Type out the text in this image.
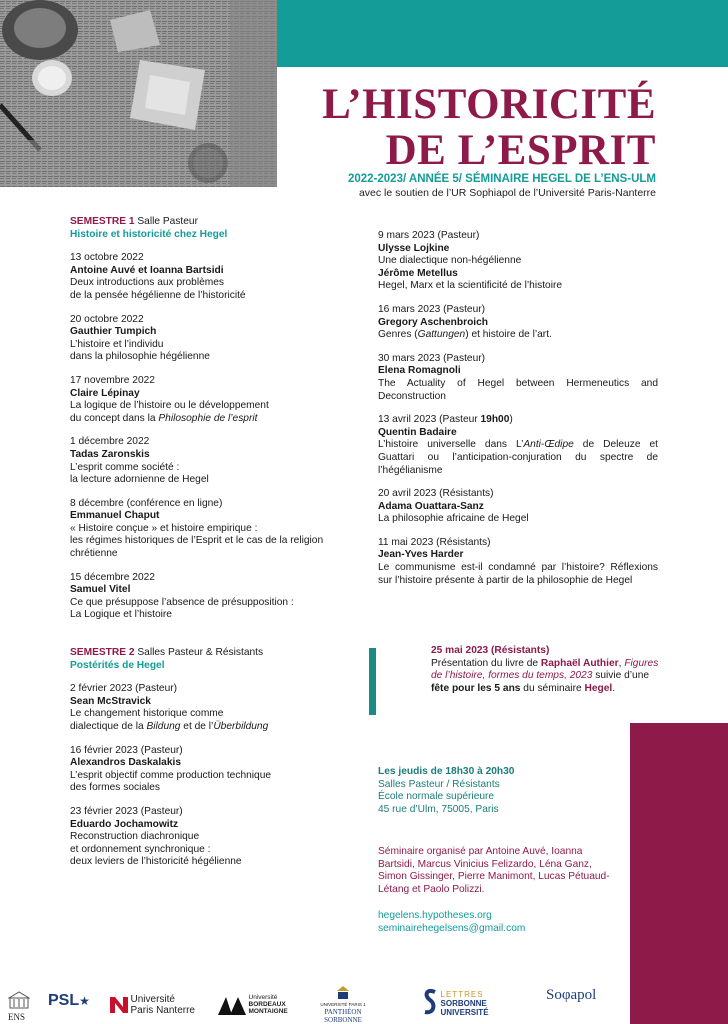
L’HISTORICITÉ
DE L’ESPRIT
2022-2023/ ANNÉE 5/ SÉMINAIRE HEGEL DE L’ENS-ULM
avec le soutien de l’UR Sophiapol de l’Université Paris-Nanterre
SEMESTRE 1 Salle Pasteur
Histoire et historicité chez Hegel
13 octobre 2022
Antoine Auvé et Ioanna Bartsidi
Deux introductions aux problèmes
de la pensée hégélienne de l’historicité
20 octobre 2022
Gauthier Tumpich
L’histoire et l’individu
dans la philosophie hégélienne
17 novembre 2022
Claire Lépinay
La logique de l’histoire ou le développement
du concept dans la Philosophie de l’esprit
1 décembre 2022
Tadas Zaronskis
L’esprit comme société :
la lecture adornienne de Hegel
8 décembre (conférence en ligne)
Emmanuel Chaput
« Histoire conçue » et histoire empirique :
les régimes historiques de l’Esprit et le cas de la religion
chrétienne
15 décembre 2022
Samuel Vitel
Ce que présuppose l’absence de présupposition :
La Logique et l’histoire
SEMESTRE 2 Salles Pasteur & Résistants
Postérités de Hegel
2 février 2023 (Pasteur)
Sean McStravick
Le changement historique comme
dialectique de la Bildung et de l’Überbildung
16 février 2023 (Pasteur)
Alexandros Daskalakis
L’esprit objectif comme production technique
des formes sociales
23 février 2023 (Pasteur)
Eduardo Jochamowitz
Reconstruction diachronique
et ordonnement synchronique :
deux leviers de l’historicité hégélienne
9 mars 2023 (Pasteur)
Ulysse Lojkine
Une dialectique non-hégélienne
Jérôme Metellus
Hegel, Marx et la scientificité de l’histoire
16 mars 2023 (Pasteur)
Gregory Aschenbroich
Genres (Gattungen) et histoire de l’art.
30 mars 2023 (Pasteur)
Elena Romagnoli
The Actuality of Hegel between Hermeneutics and Deconstruction
13 avril 2023 (Pasteur 19h00)
Quentin Badaire
L’histoire universelle dans L’Anti-Œdipe de Deleuze et Guattari ou l’anticipation-conjuration du spectre de l’hégélianisme
20 avril 2023 (Résistants)
Adama Ouattara-Sanz
La philosophie africaine de Hegel
11 mai 2023 (Résistants)
Jean-Yves Harder
Le communisme est-il condamné par l’histoire? Réflexions sur l’histoire présente à partir de la philosophie de Hegel
25 mai 2023 (Résistants)
Présentation du livre de Raphaël Authier, Figures de l’histoire, formes du temps, 2023 suivie d’une fête pour les 5 ans du séminaire Hegel.
Les jeudis de 18h30 à 20h30
Salles Pasteur / Résistants
École normale supérieure
45 rue d’Ulm, 75005, Paris
Séminaire organisé par Antoine Auvé, Ioanna Bartsidi, Marcus Vinicius Felizardo, Léna Ganz, Simon Gissinger, Pierre Manimont, Lucas Pétuaud-Létang et Paolo Polizzi.
hegelens.hypotheses.org
seminairehegelsens@gmail.com
ENS
PSL★	Université
Paris Nanterre
Université
BORDEAUX
MONTAIGNE
UNIVERSITÉ PARIS 1
PANTHÉON SORBONNE
LETTRES
SORBONNE
UNIVERSITÉ
Soφapol
